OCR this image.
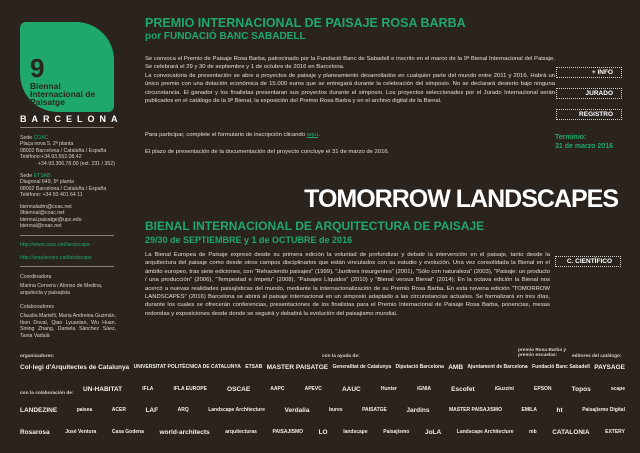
9
Biennal
Internacional de
Paisatge
BARCELONA

Sede COAC

Plaça nova 5, 2ª planta

08002 Barcelona / Cataluña / España

Teléfono:+34.93.552.08.42

+34.93.306.78.00 (ext. 231 / 352)

Sede ETSAB

Diagonal 649, 5ª planta

08002 Barcelona / Cataluña / España

Teléfono: +34 93 401 64 11

biennaladm@coac.net

9biennal@coac.net

biennal.paisatge@upc.edu

biennal@coac.net

http://www.coac.net/landscape
http://arquitectes.cat/landscape

Coordinadora

Marina Cervera i Alonso de Medina, arquitecta y paisajista

Colaboradores

Claudia Martelli, Maria Andreina Guzmán, Ibon Doval, Qian Lyuanian, Wu Huan, Sining Zhang, Daniela Sánchez Sáez, Tania Vadalà

PREMIO INTERNACIONAL DE PAISAJE ROSA BARBA
por FUNDACIÓ BANC SABADELL

Se convoca el Premio de Paisaje Rosa Barba, patrocinado por la Fundació Banc de Sabadell e inscrito en el marco de la 9ª Bienal Internacional del Paisaje. Se celebrará el 29 y 30 de septiembre y 1 de octubre de 2016 en Barcelona.

La convocatoria de presentación se abre a proyectos de paisaje y planeamiento desarrollados en cualquier parte del mundo entre 2011 y 2016. Habrá un único premio con una dotación económica de 15.000 euros que se entregará durante la celebración del simposio. No se declarará desierto bajo ninguna circunstancia. El ganador y los finalistas presentaran sus proyectos durante el simposio. Los proyectos seleccionados por el Jurado Internacional serán publicados en el catálogo de la 9ª Bienal, la exposición del Premio Rosa Barba y en el archivo digital de la Bienal.

Para participar, complete el formulario de inscripción clicando aquí.
El plazo de presentación de la documentación del proyecto concluye el 31 de marzo de 2016.
+ INFO
JURADO
REGISTRO
Terminio:
31 de marzo 2016
TOMORROW LANDSCAPES
BIENAL INTERNACIONAL DE ARQUITECTURA DE PAISAJE
29/30 de SEPTIEMBRE y 1 de OCTUBRE de 2016
La Bienal Europea de Paisaje expresó desde su primera edición la voluntad de profundizar y debatir la intervención en el paisaje, tanto desde la arquitectura del paisaje como desde otros campos disciplinarios que están vinculados con su estudio y evolución. Una vez consolidada la Bienal en el ámbito europeo, tras siete ediciones, con “Rehaciendo paisajes” (1999), “Jardines insurgentes” (2001), “Sólo con naturaleza” (2003), “Paisaje: un producto / una producción” (2006), “Tempestad e ímpetu” (2008), “Paisajes Líquidos” (2010) y “Bienal versus Bienal” (2014); En la octava edición la Bienal nos acercó a nuevas realidades paisajísticas del mundo, mediante la internacionalización de su Premio Rosa Barba. En esta novena edición “TOMORROW LANDSCAPES” (2016) Barcelona se abrirá al paisaje internacional en un simposio adaptado a las circunstancias actuales. Se formalizará en tres días, durante los cuales se ofrecerán conferencias, presentaciones de los finalistas para el Premio Internacional de Paisaje Rosa Barba, ponencias, mesas redondas y exposiciones desde donde se seguirá y debatirá la evolución del paisajismo mundial.
C. CIENTÍFICO
organizadores:	con la ayuda de:
premio Rosa Barba y premio escuelas:	editores del catálogo:
con la colaboración de:
Col·legi d'Arquitectes de Catalunya UNIVERSITAT POLITÈCNICA DE CATALUNYA ETSAB MASTER PAISATGE Generalitat de Catalunya Diputació Barcelona AMB Ajuntament de Barcelona Fundació Banc Sabadell PAYSAGE
UN-HABITAT	IFLA	IFLA EUROPE	OSCAE	AAPC	APEVC	AAUC	Hunter	IGNIA	Escofet	iGuzzini	EPSON	Topos	scape
LANDEZINE	paisea	ACER	LAF	ARQ	Landscape Architecture	Verdalia	bures	PAISATGE	Jardins	MASTER PAISAJISMO	EMILA	ht	Paisajismo Digital
Rosarosa	José Ventura	Casa Godena world-architects	arquitecturas	PAISAJISMO LO	landscape	Paisajismo JoLA	Landscape Architecture	mb CATALONIA	EXTERY
